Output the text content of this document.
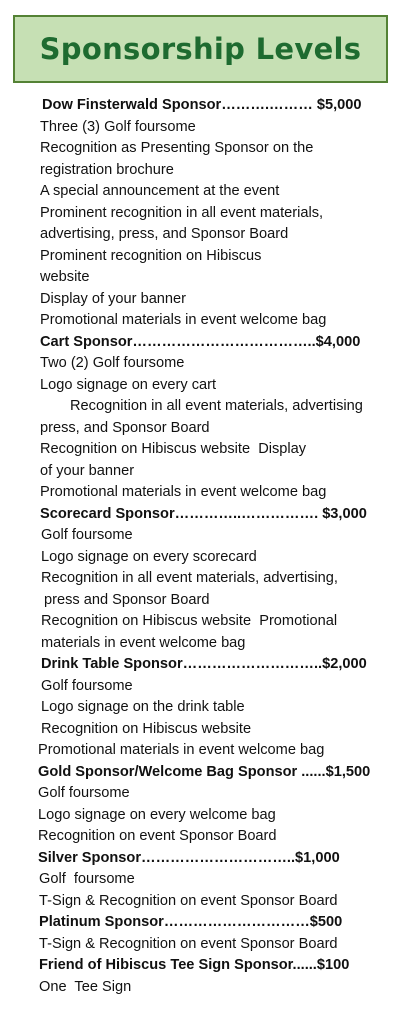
Sponsorship Levels
Dow Finsterwald Sponsor……….……… $5,000
Three (3) Golf foursome
Recognition as Presenting Sponsor on the
registration brochure
A special announcement at the event
Prominent recognition in all event materials,
advertising, press, and Sponsor Board
Prominent recognition on Hibiscus
website
Display of your banner
Promotional materials in event welcome bag
Cart Sponsor………………………………..$4,000
Two (2) Golf foursome
Logo signage on every cart
Recognition in all event materials, advertising
press, and Sponsor Board
Recognition on Hibiscus website  Display
of your banner
Promotional materials in event welcome bag
Scorecard Sponsor…………..……………. $3,000
Golf foursome
Logo signage on every scorecard
Recognition in all event materials, advertising,
press and Sponsor Board
Recognition on Hibiscus website  Promotional
materials in event welcome bag
Drink Table Sponsor………………………..$2,000
Golf foursome
Logo signage on the drink table
Recognition on Hibiscus website
Promotional materials in event welcome bag
Gold Sponsor/Welcome Bag Sponsor ......$1,500
Golf foursome
Logo signage on every welcome bag
Recognition on event Sponsor Board
Silver Sponsor…………………………..$1,000
Golf  foursome
T-Sign & Recognition on event Sponsor Board
Platinum Sponsor…………………………$500
T-Sign & Recognition on event Sponsor Board
Friend of Hibiscus Tee Sign Sponsor......$100
One  Tee Sign
